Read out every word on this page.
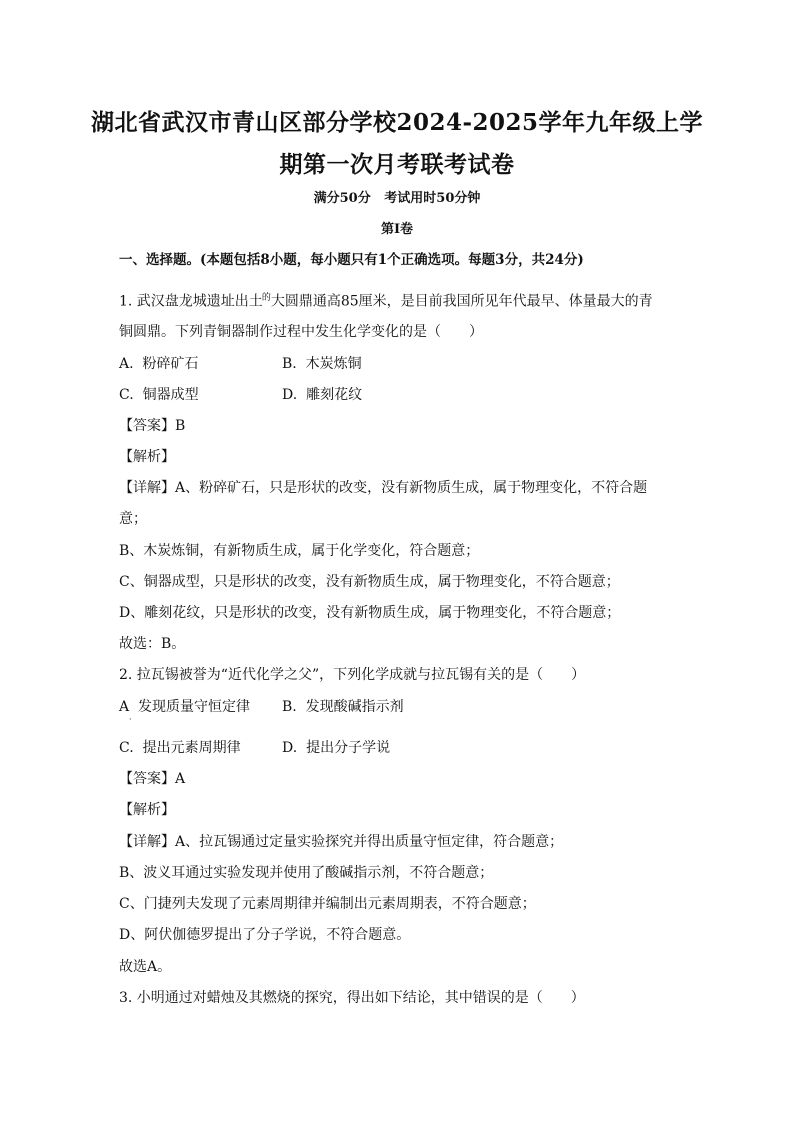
湖北省武汉市青山区部分学校2024-2025学年九年级上学
期第一次月考联考试卷
满分50分   考试用时50分钟
第I卷
一、选择题。(本题包括8小题，每小题只有1个正确选项。每题3分，共24分)
1. 武汉盘龙城遗址出土$^的$大圆鼎通高85厘米，是目前我国所见年代最早、体量最大的青
铜圆鼎。下列青铜器制作过程中发生化学变化的是（　　）
A.  粉碎矿石	B.  木炭炼铜
C.  铜器成型	D.  雕刻花纹
【答案】B
【解析】
【详解】A、粉碎矿石，只是形状的改变，没有新物质生成，属于物理变化，不符合题
意；
B、木炭炼铜，有新物质生成，属于化学变化，符合题意；
C、铜器成型，只是形状的改变，没有新物质生成，属于物理变化，不符合题意；
D、雕刻花纹，只是形状的改变，没有新物质生成，属于物理变化，不符合题意；
故选：B。
2. 拉瓦锡被誉为“近代化学之父”，下列化学成就与拉瓦锡有关的是（　　）
A  发现质量守恒定律 B.  发现酸碱指示剂
·
C.  提出元素周期律	D.  提出分子学说
【答案】A
【解析】
【详解】A、拉瓦锡通过定量实验探究并得出质量守恒定律，符合题意；
B、波义耳通过实验发现并使用了酸碱指示剂，不符合题意；
C、门捷列夫发现了元素周期律并编制出元素周期表，不符合题意；
D、阿伏伽德罗提出了分子学说，不符合题意。
故选A。
3. 小明通过对蜡烛及其燃烧的探究，得出如下结论，其中错误的是（　　）
